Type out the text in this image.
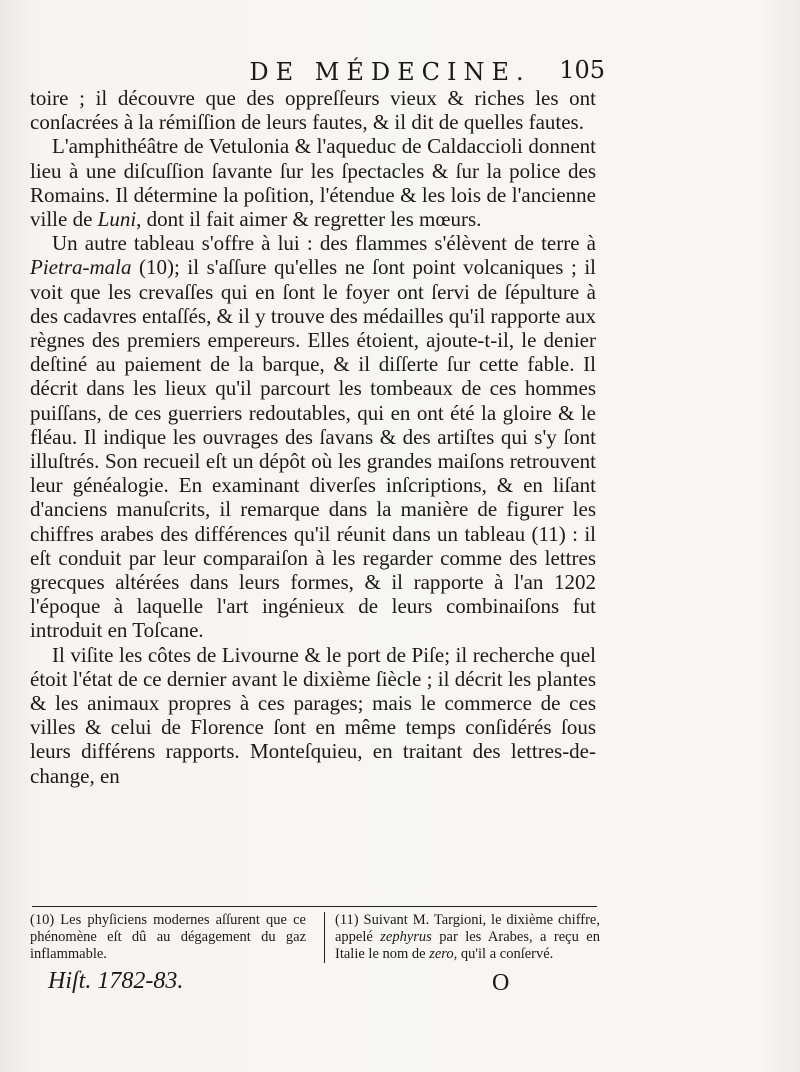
DE MÉDECINE.	105

toire ; il découvre que des oppreſſeurs vieux & riches les ont conſacrées à la rémiſſion de leurs fautes, & il dit de quelles fautes.

L'amphithéâtre de Vetulonia & l'aqueduc de Caldaccioli donnent lieu à une diſcuſſion ſavante ſur les ſpectacles & ſur la police des Romains. Il détermine la poſition, l'étendue & les lois de l'ancienne ville de Luni, dont il fait aimer & regretter les mœurs.

Un autre tableau s'offre à lui : des flammes s'élèvent de terre à Pietra-mala (10); il s'aſſure qu'elles ne ſont point volcaniques ; il voit que les crevaſſes qui en ſont le foyer ont ſervi de ſépulture à des cadavres entaſſés, & il y trouve des médailles qu'il rapporte aux règnes des premiers empereurs. Elles étoient, ajoute-t-il, le denier deſtiné au paiement de la barque, & il diſſerte ſur cette fable. Il décrit dans les lieux qu'il parcourt les tombeaux de ces hommes puiſſans, de ces guerriers redoutables, qui en ont été la gloire & le fléau. Il indique les ouvrages des ſavans & des artiſtes qui s'y ſont illuſtrés. Son recueil eſt un dépôt où les grandes maiſons retrouvent leur généalogie. En examinant diverſes inſcriptions, & en liſant d'anciens manuſcrits, il remarque dans la manière de figurer les chiffres arabes des différences qu'il réunit dans un tableau (11) : il eſt conduit par leur comparaiſon à les regarder comme des lettres grecques altérées dans leurs formes, & il rapporte à l'an 1202 l'époque à laquelle l'art ingénieux de leurs combinaiſons fut introduit en Toſcane.

Il viſite les côtes de Livourne & le port de Piſe; il recherche quel étoit l'état de ce dernier avant le dixième ſiècle ; il décrit les plantes & les animaux propres à ces parages; mais le commerce de ces villes & celui de Florence ſont en même temps conſidérés ſous leurs différens rapports. Monteſquieu, en traitant des lettres-de-change, en

(10) Les phyſiciens modernes aſſurent que ce phénomène eſt dû au dégagement du gaz inflammable.

(11) Suivant M. Targioni, le dixième chiffre, appelé zephyrus par les Arabes, a reçu en Italie le nom de zero, qu'il a conſervé.

Hiſt. 1782-83.	O
